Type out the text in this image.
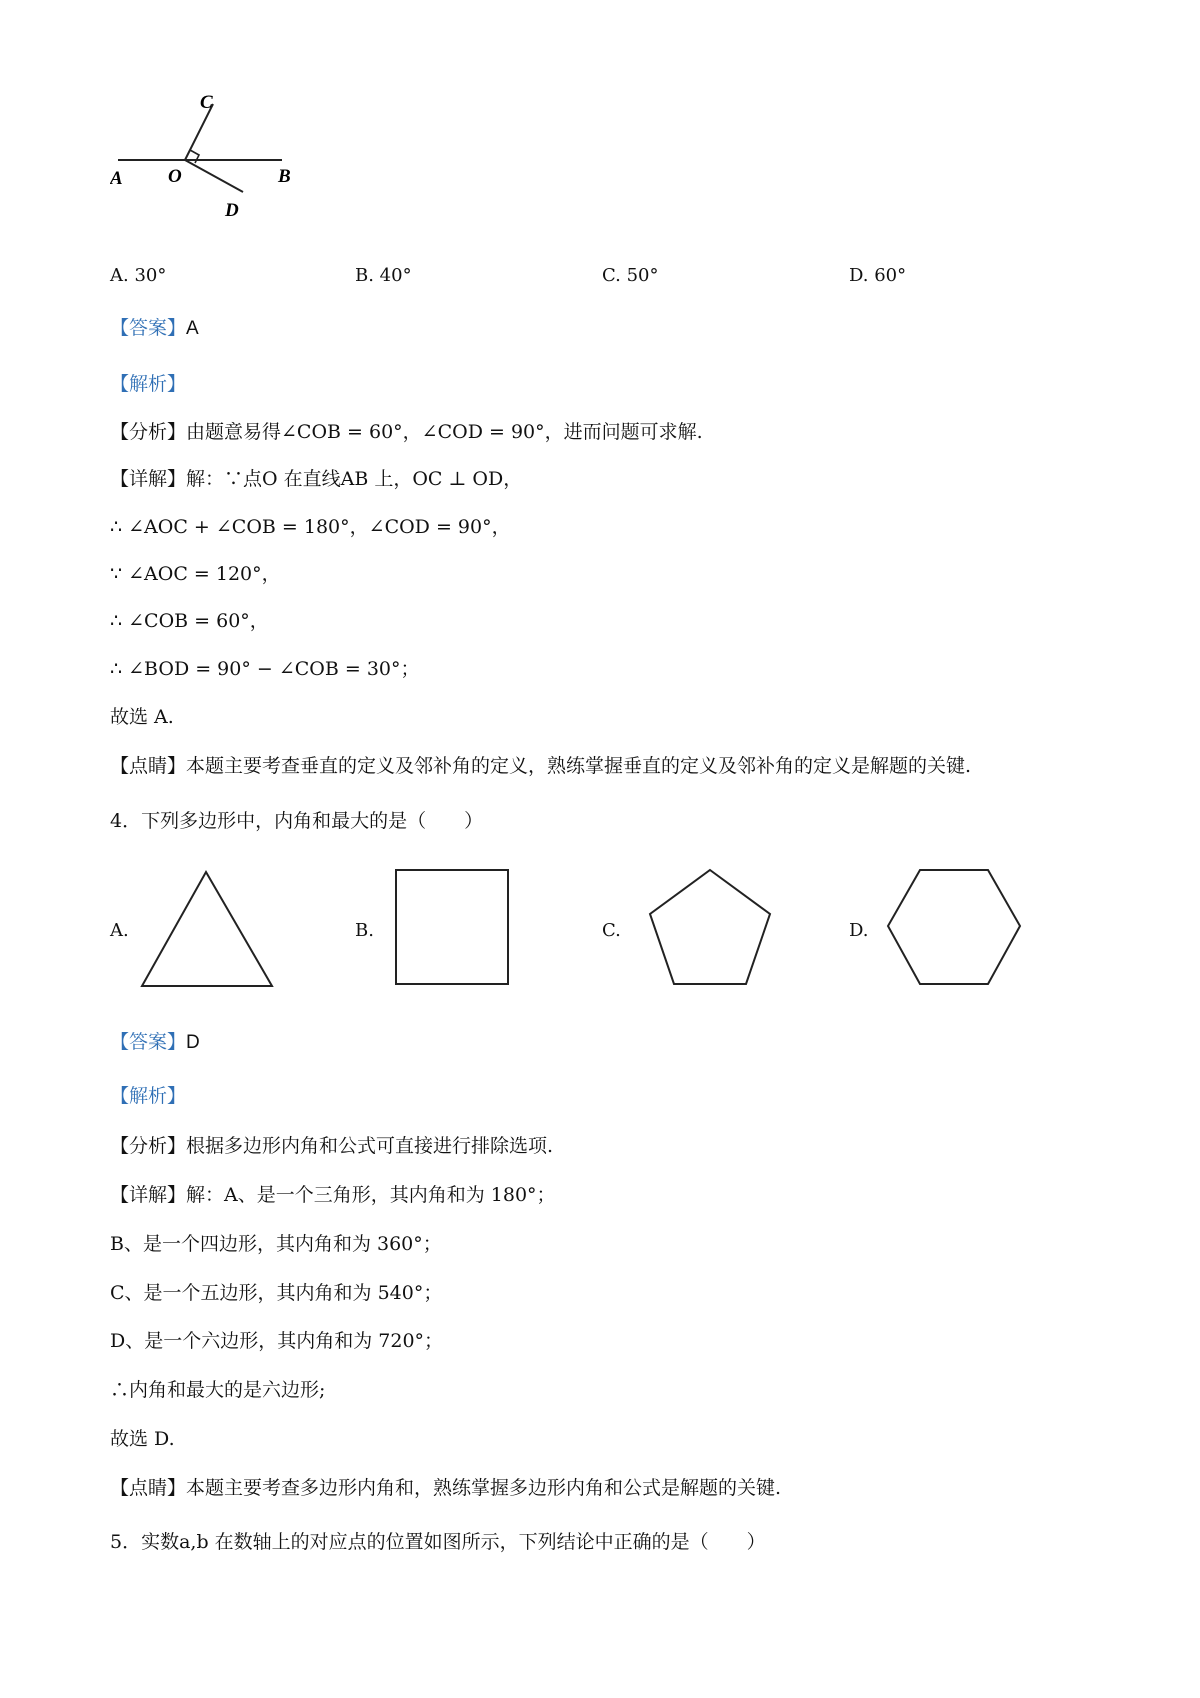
C
O
A	B
D
A. 30°	B. 40°	C. 50°	D. 60°
【答案】A
【解析】
【分析】由题意易得∠COB = 60°，∠COD = 90°，进而问题可求解.
【详解】解：∵点O 在直线AB 上，OC ⊥ OD，
∴ ∠AOC + ∠COB = 180°，∠COD = 90°，
∵ ∠AOC = 120°，
∴ ∠COB = 60°，
∴ ∠BOD = 90° − ∠COB = 30°；
故选 A.
【点睛】本题主要考查垂直的定义及邻补角的定义，熟练掌握垂直的定义及邻补角的定义是解题的关键.
4．下列多边形中，内角和最大的是（　　）
A.	B.	C.	D.
【答案】D
【解析】
【分析】根据多边形内角和公式可直接进行排除选项.
【详解】解：A、是一个三角形，其内角和为 180°；
B、是一个四边形，其内角和为 360°；
C、是一个五边形，其内角和为 540°；
D、是一个六边形，其内角和为 720°；
∴内角和最大的是六边形;
故选 D.
【点睛】本题主要考查多边形内角和，熟练掌握多边形内角和公式是解题的关键.
5．实数a,b 在数轴上的对应点的位置如图所示，下列结论中正确的是（　　）
